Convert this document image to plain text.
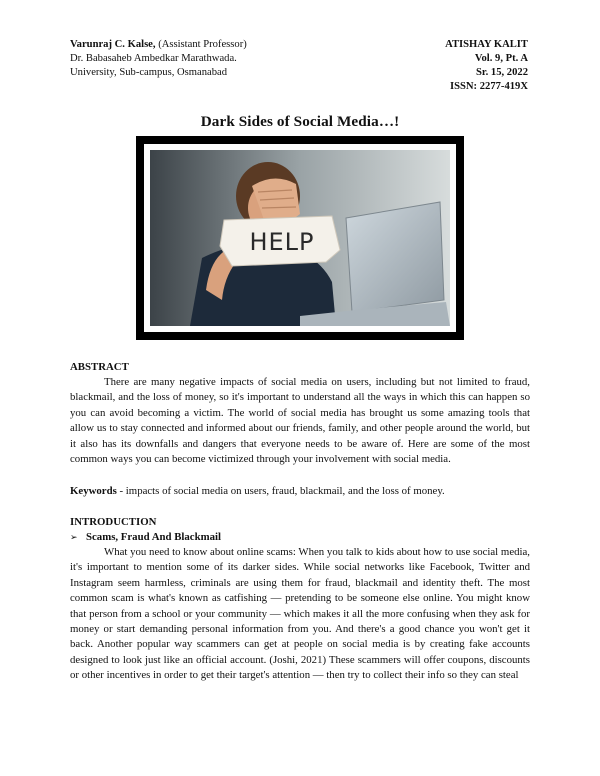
Varunraj C. Kalse, (Assistant Professor)
Dr. Babasaheb Ambedkar Marathwada.
University, Sub-campus, Osmanabad
ATISHAY KALIT
Vol. 9, Pt. A
Sr. 15, 2022
ISSN: 2277-419X
Dark Sides of Social Media…!
HELP
ABSTRACT

There are many negative impacts of social media on users, including but not limited to fraud, blackmail, and the loss of money, so it's important to understand all the ways in which this can happen so you can avoid becoming a victim. The world of social media has brought us some amazing tools that allow us to stay connected and informed about our friends, family, and other people around the world, but it also has its downfalls and dangers that everyone needs to be aware of. Here are some of the most common ways you can become victimized through your involvement with social media.

Keywords - impacts of social media on users, fraud, blackmail, and the loss of money.
INTRODUCTION
➢ Scams, Fraud And Blackmail

What you need to know about online scams: When you talk to kids about how to use social media, it's important to mention some of its darker sides. While social networks like Facebook, Twitter and Instagram seem harmless, criminals are using them for fraud, blackmail and identity theft. The most common scam is what's known as catfishing — pretending to be someone else online. You might know that person from a school or your community — which makes it all the more confusing when they ask for money or start demanding personal information from you. And there's a good chance you won't get it back. Another popular way scammers can get at people on social media is by creating fake accounts designed to look just like an official account. (Joshi, 2021) These scammers will offer coupons, discounts or other incentives in order to get their target's attention — then try to collect their info so they can steal
